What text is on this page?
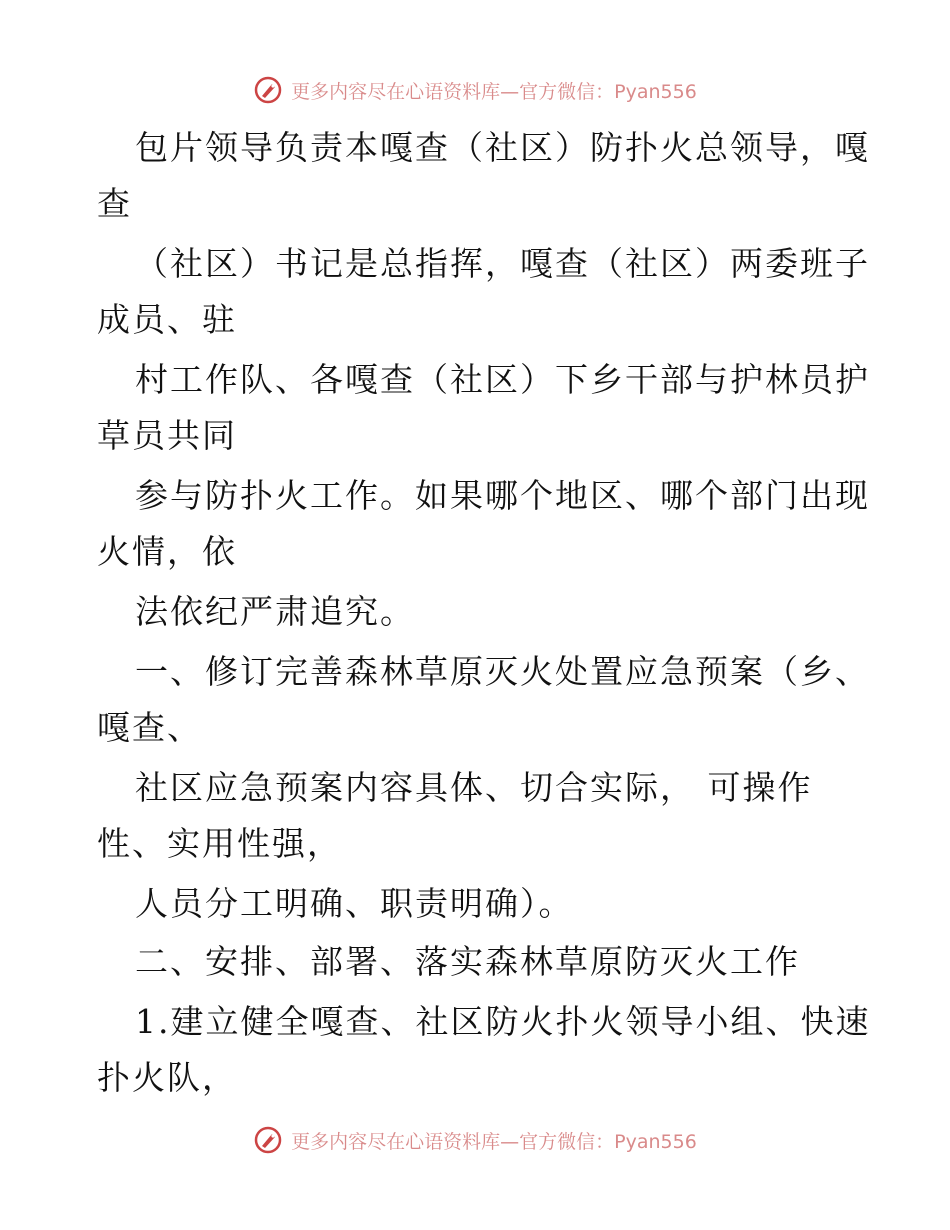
更多内容尽在心语资料库—官方微信：Pyan556
包片领导负责本嘎查（社区）防扑火总领导，嘎
查
（社区）书记是总指挥，嘎查（社区）两委班子
成员、驻
村工作队、各嘎查（社区）下乡干部与护林员护
草员共同
参与防扑火工作。如果哪个地区、哪个部门出现
火情，依
法依纪严肃追究。
一、修订完善森林草原灭火处置应急预案（乡、
嘎查、
社区应急预案内容具体、切合实际， 可操作
性、实用性强，
人员分工明确、职责明确）。
二、安排、部署、落实森林草原防灭火工作
1.建立健全嘎查、社区防火扑火领导小组、快速
扑火队，
更多内容尽在心语资料库—官方微信：Pyan556
